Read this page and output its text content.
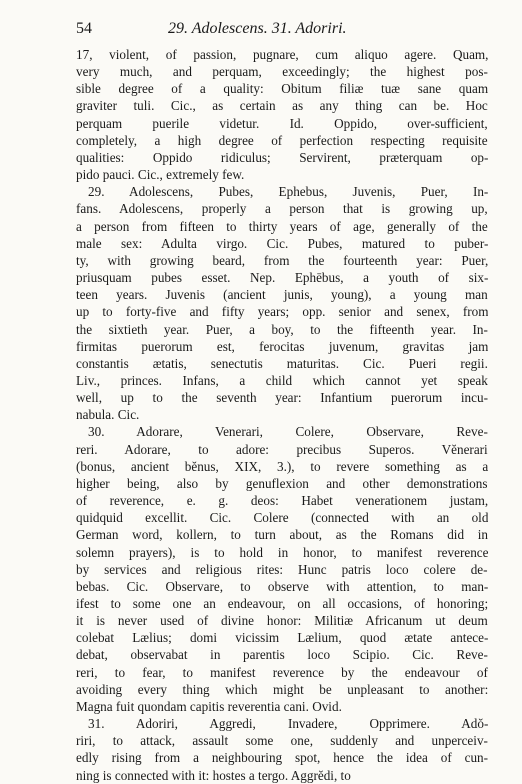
54	29. Adolescens. 31. Adoriri.

17, violent, of passion, pugnare, cum aliquo agere. Quam,
very much, and perquam, exceedingly; the highest pos-
sible degree of a quality: Obitum filiæ tuæ sane quam
graviter tuli. Cic., as certain as any thing can be. Hoc
perquam puerile videtur. Id. Oppido, over-sufficient,
completely, a high degree of perfection respecting requisite
qualities: Oppido ridiculus; Servirent, præterquam op-
pido pauci. Cic., extremely few.

29. Adolescens, Pubes, Ephebus, Juvenis, Puer, In-
fans. Adolescens, properly a person that is growing up,
a person from fifteen to thirty years of age, generally of the
male sex: Adulta virgo. Cic. Pubes, matured to puber-
ty, with growing beard, from the fourteenth year: Puer,
priusquam pubes esset. Nep. Ephēbus, a youth of six-
teen years. Juvenis (ancient junis, young), a young man
up to forty-five and fifty years; opp. senior and senex, from
the sixtieth year. Puer, a boy, to the fifteenth year. In-
firmitas puerorum est, ferocitas juvenum, gravitas jam
constantis ætatis, senectutis maturitas. Cic. Pueri regii.
Liv., princes. Infans, a child which cannot yet speak
well, up to the seventh year: Infantium puerorum incu-
nabula. Cic.

30. Adorare, Venerari, Colere, Observare, Reve-
reri. Adorare, to adore: precibus Superos. Vĕnerari
(bonus, ancient bĕnus, XIX, 3.), to revere something as a
higher being, also by genuflexion and other demonstrations
of reverence, e. g. deos: Habet venerationem justam,
quidquid excellit. Cic. Colere (connected with an old
German word, kollern, to turn about, as the Romans did in
solemn prayers), is to hold in honor, to manifest reverence
by services and religious rites: Hunc patris loco colere de-
bebas. Cic. Observare, to observe with attention, to man-
ifest to some one an endeavour, on all occasions, of honoring;
it is never used of divine honor: Militiæ Africanum ut deum
colebat Lælius; domi vicissim Lælium, quod ætate antece-
debat, observabat in parentis loco Scipio. Cic. Reve-
reri, to fear, to manifest reverence by the endeavour of
avoiding every thing which might be unpleasant to another:
Magna fuit quondam capitis reverentia cani. Ovid.

31. Adoriri, Aggredi, Invadere, Opprimere. Adŏ-
riri, to attack, assault some one, suddenly and unperceiv-
edly rising from a neighbouring spot, hence the idea of cun-
ning is connected with it: hostes a tergo. Aggrĕdi, to
